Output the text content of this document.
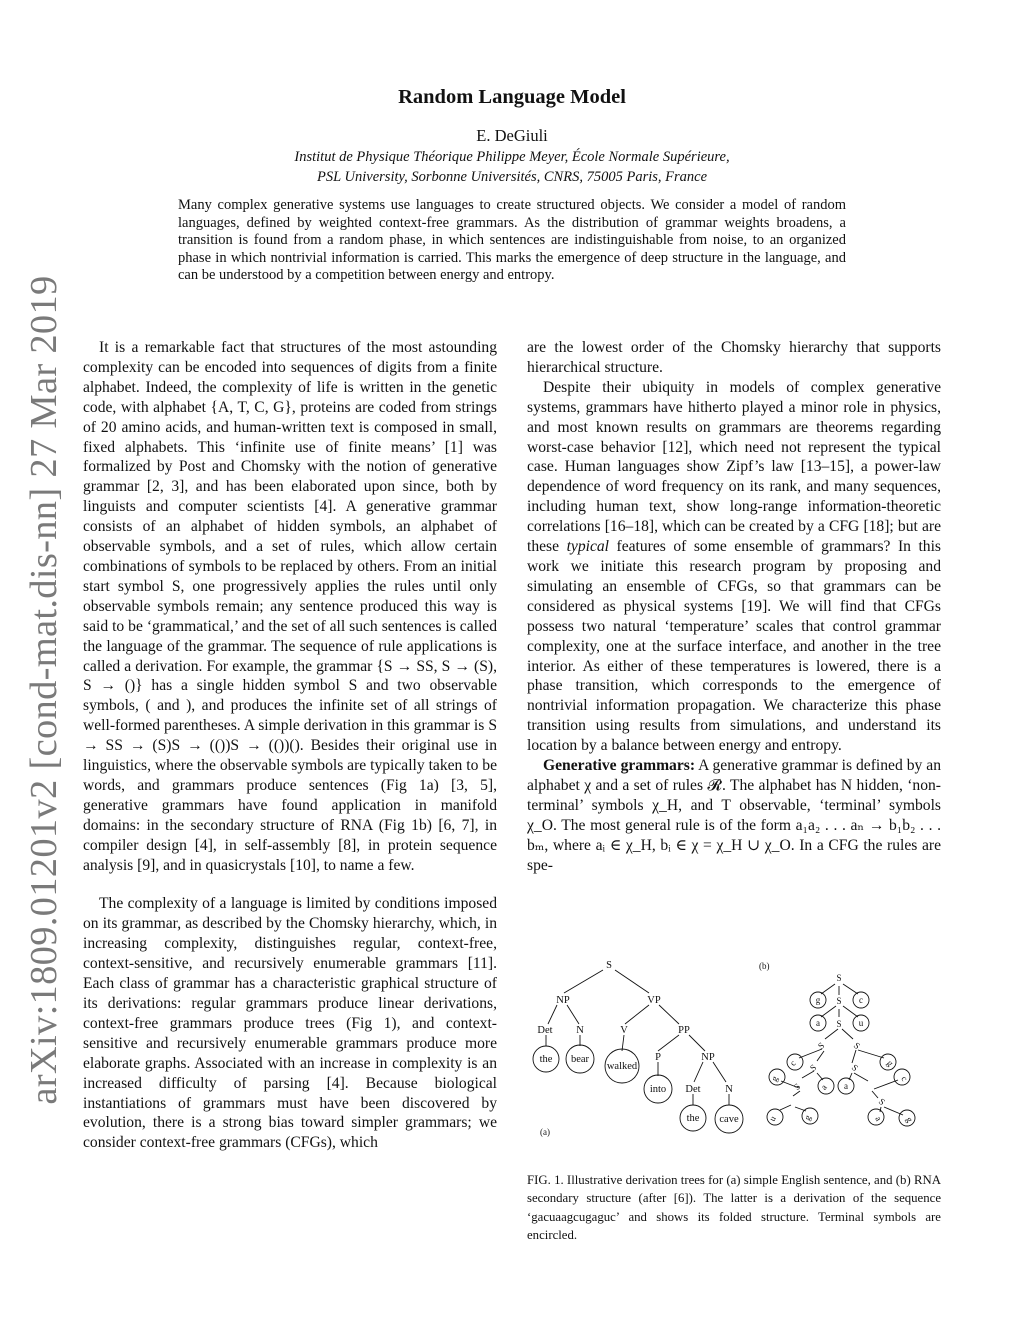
arXiv:1809.01201v2 [cond-mat.dis-nn] 27 Mar 2019
Random Language Model
E. DeGiuli
Institut de Physique Théorique Philippe Meyer, École Normale Supérieure,
PSL University, Sorbonne Universités, CNRS, 75005 Paris, France
Many complex generative systems use languages to create structured objects. We consider a model of random languages, defined by weighted context-free grammars. As the distribution of grammar weights broadens, a transition is found from a random phase, in which sentences are indistinguishable from noise, to an organized phase in which nontrivial information is carried. This marks the emergence of deep structure in the language, and can be understood by a competition between energy and entropy.

It is a remarkable fact that structures of the most astounding complexity can be encoded into sequences of digits from a finite alphabet. Indeed, the complexity of life is written in the genetic code, with alphabet {A, T, C, G}, proteins are coded from strings of 20 amino acids, and human-written text is composed in small, fixed alphabets. This ‘infinite use of finite means’ [1] was formalized by Post and Chomsky with the notion of generative grammar [2, 3], and has been elaborated upon since, both by linguists and computer scientists [4]. A generative grammar consists of an alphabet of hidden symbols, an alphabet of observable symbols, and a set of rules, which allow certain combinations of symbols to be replaced by others. From an initial start symbol S, one progressively applies the rules until only observable symbols remain; any sentence produced this way is said to be ‘grammatical,’ and the set of all such sentences is called the language of the grammar. The sequence of rule applications is called a derivation. For example, the grammar {S → SS, S → (S), S → ()} has a single hidden symbol S and two observable symbols, ( and ), and produces the infinite set of all strings of well-formed parentheses. A simple derivation in this grammar is S → SS → (S)S → (())S → (())(). Besides their original use in linguistics, where the observable symbols are typically taken to be words, and grammars produce sentences (Fig 1a) [3, 5], generative grammars have found application in manifold domains: in the secondary structure of RNA (Fig 1b) [6, 7], in compiler design [4], in self-assembly [8], in protein sequence analysis [9], and in quasicrystals [10], to name a few.

The complexity of a language is limited by conditions imposed on its grammar, as described by the Chomsky hierarchy, which, in increasing complexity, distinguishes regular, context-free, context-sensitive, and recursively enumerable grammars [11]. Each class of grammar has a characteristic graphical structure of its derivations: regular grammars produce linear derivations, context-free grammars produce trees (Fig 1), and context-sensitive and recursively enumerable grammars produce more elaborate graphs. Associated with an increase in complexity is an increased difficulty of parsing [4]. Because biological instantiations of grammars must have been discovered by evolution, there is a strong bias toward simpler grammars; we consider context-free grammars (CFGs), which

are the lowest order of the Chomsky hierarchy that supports hierarchical structure.

Despite their ubiquity in models of complex generative systems, grammars have hitherto played a minor role in physics, and most known results on grammars are theorems regarding worst-case behavior [12], which need not represent the typical case. Human languages show Zipf’s law [13–15], a power-law dependence of word frequency on its rank, and many sequences, including human text, show long-range information-theoretic correlations [16–18], which can be created by a CFG [18]; but are these typical features of some ensemble of grammars? In this work we initiate this research program by proposing and simulating an ensemble of CFGs, so that grammars can be considered as physical systems [19]. We will find that CFGs possess two natural ‘temperature’ scales that control grammar complexity, one at the surface interface, and another in the tree interior. As either of these temperatures is lowered, there is a phase transition, which corresponds to the emergence of nontrivial information propagation. We characterize this phase transition using results from simulations, and understand its location by a balance between energy and entropy.

Generative grammars: A generative grammar is defined by an alphabet χ and a set of rules 𝓡. The alphabet has N hidden, ‘non-terminal’ symbols χ_H, and T observable, ‘terminal’ symbols χ_O. The most general rule is of the form a₁a₂ . . . aₙ → b₁b₂ . . . bₘ, where aᵢ ∈ χ_H, bᵢ ∈ χ = χ_H ∪ χ_O. In a CFG the rules are spe-

S
NP	VP
Det N	V	PP
P	NP
Det N
the bear
walked
into
the cave
S
S
S
g	c
a	u
S	S
S	S
S
c	g
a a
g	c
u	g	a g
S
(a)
(b)
FIG. 1. Illustrative derivation trees for (a) simple English sentence, and (b) RNA secondary structure (after [6]). The latter is a derivation of the sequence ‘gacuaagcugaguc’ and shows its folded structure. Terminal symbols are encircled.
